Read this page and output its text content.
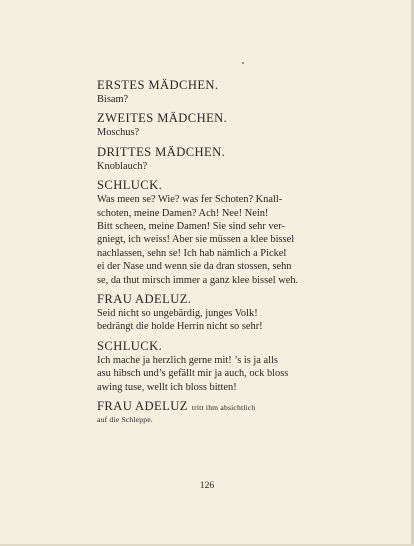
ERSTES MÄDCHEN.

Bisam?

ZWEITES MÄDCHEN.

Moschus?

DRITTES MÄDCHEN.

Knoblauch?

SCHLUCK.

Was meen se? Wie? was fer Schoten? Knall-

schoten, meine Damen? Ach! Nee! Nein!

Bitt scheen, meine Damen! Sie sind sehr ver-

gniegt, ich weiss! Aber sie müssen a klee bissel

nachlassen, sehn se! Ich hab nämlich a Pickel

ei der Nase und wenn sie da dran stossen, sehn

se, da thut mirsch immer a ganz klee bissel weh.

FRAU ADELUZ.

Seid nicht so ungebärdig, junges Volk!

bedrängt die holde Herrin nicht so sehr!

SCHLUCK.

Ich mache ja herzlich gerne mit! ’s is ja alls

asu hibsch und’s gefällt mir ja auch, ock bloss

awing tuse, wellt ich bloss bitten!

FRAU ADELUZ tritt ihm absichtlich

auf die Schleppe.

126
